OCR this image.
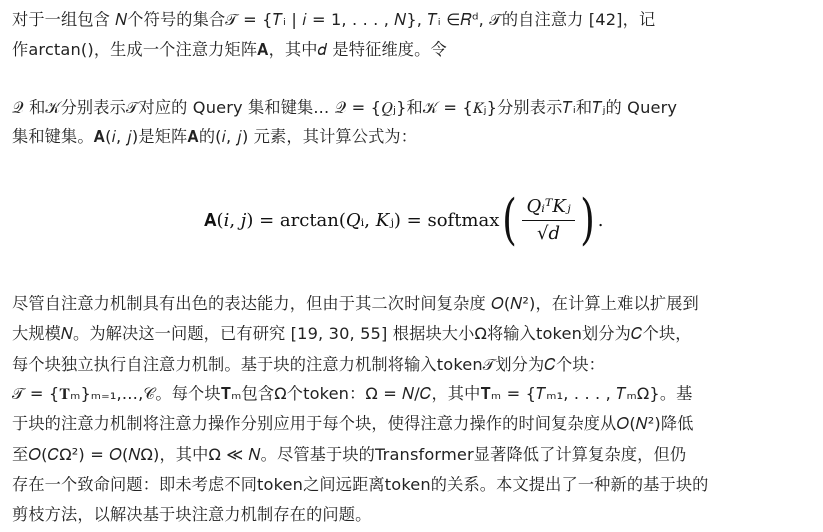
对于一组包含 𝑁个符号的集合𝒯 = {𝑇ᵢ | 𝑖 = 1, . . . , 𝑁}, 𝑇ᵢ ∈𝑅ᵈ, 𝒯的自注意力 [42]，记
作arctan()，生成一个注意力矩阵𝐀，其中𝑑 是特征维度。令
𝒬 和𝒦分别表示𝒯对应的 Query 集和键集... 𝒬 = {𝑄ⱼ}和𝒦 = {𝐾ⱼ}分别表示𝑇ᵢ和𝑇ⱼ的 Query
集和键集。𝐀(𝑖, 𝑗)是矩阵𝐀的(𝑖, 𝑗) 元素，其计算公式为：
𝐀(𝑖, 𝑗) = arctan(𝑄ᵢ, 𝐾ⱼ) = softmax ( $\frac{\text{𝑄ᵢᵀ𝐾ⱼ}}{\text{√𝑑}}$ ) .
尽管自注意力机制具有出色的表达能力，但由于其二次时间复杂度 𝑂(𝑁²)，在计算上难以扩展到
大规模𝑁。为解决这一问题，已有研究 [19, 30, 55] 根据块大小Ω将输入token划分为𝐶个块，
每个块独立执行自注意力机制。基于块的注意力机制将输入token𝒯划分为𝐶个块：
𝒯 = {𝐓ₘ}ₘ₌₁,…,𝒞。每个块𝐓ₘ包含Ω个token：Ω = 𝑁/𝐶，其中𝐓ₘ = {𝑇ₘ₁, . . . , 𝑇ₘΩ}。基
于块的注意力机制将注意力操作分别应用于每个块，使得注意力操作的时间复杂度从𝑂(𝑁²)降低
至𝑂(𝐶Ω²) = 𝑂(𝑁Ω)，其中Ω ≪ 𝑁。尽管基于块的Transformer显著降低了计算复杂度，但仍
存在一个致命问题：即未考虑不同token之间远距离token的关系。本文提出了一种新的基于块的
剪枝方法，以解决基于块注意力机制存在的问题。
